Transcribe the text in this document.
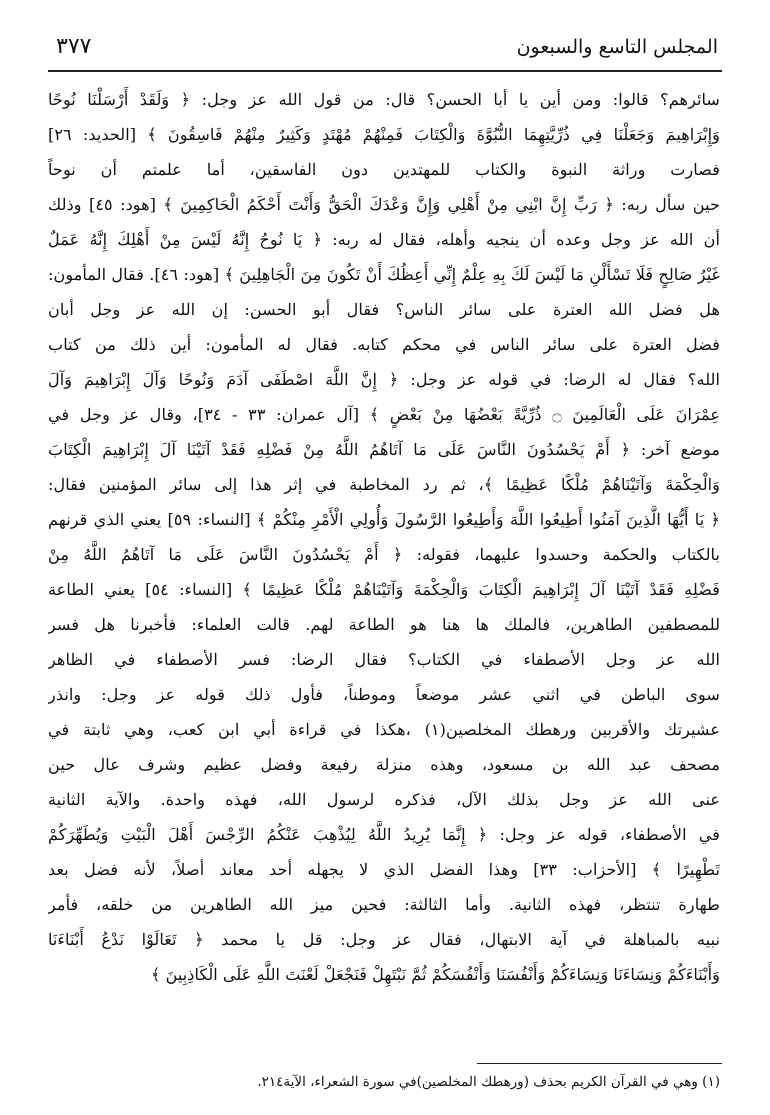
٣٧٧	المجلس التاسع والسبعون
سائرهم؟ قالوا: ومن أين يا أبا الحسن؟ قال: من قول الله عز وجل: ﴿ وَلَقَدْ أَرْسَلْنَا نُوحًا
وَإِبْرَاهِيمَ وَجَعَلْنَا فِي ذُرِّيَّتِهِمَا النُّبُوَّةَ وَالْكِتَابَ فَمِنْهُمْ مُهْتَدٍ وَكَثِيرٌ مِنْهُمْ فَاسِقُونَ ﴾ [الحديد: ٢٦]
فصارت وراثة النبوة والكتاب للمهتدين دون الفاسقين، أما علمتم أن نوحاً
حين سأل ربه: ﴿ رَبِّ إِنَّ ابْنِي مِنْ أَهْلِي وَإِنَّ وَعْدَكَ الْحَقُّ وَأَنْتَ أَحْكَمُ الْحَاكِمِينَ ﴾ [هود: ٤٥] وذلك
أن الله عز وجل وعده أن ينجيه وأهله، فقال له ربه: ﴿ يَا نُوحُ إِنَّهُ لَيْسَ مِنْ أَهْلِكَ إِنَّهُ عَمَلٌ
غَيْرُ صَالِحٍ فَلَا تَسْأَلْنِ مَا لَيْسَ لَكَ بِهِ عِلْمٌ إِنِّي أَعِظُكَ أَنْ تَكُونَ مِنَ الْجَاهِلِينَ ﴾ [هود: ٤٦]. فقال المأمون:
هل فضل الله العترة على سائر الناس؟ فقال أبو الحسن: إن الله عز وجل أبان
فضل العترة على سائر الناس في محكم كتابه. فقال له المأمون: أين ذلك من كتاب
الله؟ فقال له الرضا: في قوله عز وجل: ﴿ إِنَّ اللَّهَ اصْطَفَى آدَمَ وَنُوحًا وَآلَ إِبْرَاهِيمَ وَآلَ
عِمْرَانَ عَلَى الْعَالَمِينَ ۝ ذُرِّيَّةً بَعْضُهَا مِنْ بَعْضٍ ﴾ [آل عمران: ٣٣ - ٣٤]، وقال عز وجل في
موضع آخر: ﴿ أَمْ يَحْسُدُونَ النَّاسَ عَلَى مَا آتَاهُمُ اللَّهُ مِنْ فَضْلِهِ فَقَدْ آتَيْنَا آلَ إِبْرَاهِيمَ الْكِتَابَ
وَالْحِكْمَةَ وَآتَيْنَاهُمْ مُلْكًا عَظِيمًا ﴾، ثم رد المخاطبة في إثر هذا إلى سائر المؤمنين فقال:
﴿ يَا أَيُّهَا الَّذِينَ آمَنُوا أَطِيعُوا اللَّهَ وَأَطِيعُوا الرَّسُولَ وَأُولِي الْأَمْرِ مِنْكُمْ ﴾ [النساء: ٥٩] يعني الذي قرنهم
بالكتاب والحكمة وحسدوا عليهما، فقوله: ﴿ أَمْ يَحْسُدُونَ النَّاسَ عَلَى مَا آتَاهُمُ اللَّهُ مِنْ
فَضْلِهِ فَقَدْ آتَيْنَا آلَ إِبْرَاهِيمَ الْكِتَابَ وَالْحِكْمَةَ وَآتَيْنَاهُمْ مُلْكًا عَظِيمًا ﴾ [النساء: ٥٤] يعني الطاعة
للمصطفين الطاهرين، فالملك ها هنا هو الطاعة لهم. قالت العلماء: فأخبرنا هل فسر
الله عز وجل الأصطفاء في الكتاب؟ فقال الرضا: فسر الأصطفاء في الظاهر
سوى الباطن في اثني عشر موضعاً وموطناً، فأول ذلك قوله عز وجل: وانذر
عشيرتك والأقربين ورهطك المخلصين(١) ،هكذا في قراءة أبي ابن كعب، وهي ثابتة في
مصحف عبد الله بن مسعود، وهذه منزلة رفيعة وفضل عظيم وشرف عال حين
عنى الله عز وجل بذلك الآل، فذكره لرسول الله، فهذه واحدة. والآية الثانية
في الأصطفاء، قوله عز وجل: ﴿ إِنَّمَا يُرِيدُ اللَّهُ لِيُذْهِبَ عَنْكُمُ الرِّجْسَ أَهْلَ الْبَيْتِ وَيُطَهِّرَكُمْ
تَطْهِيرًا ﴾ [الأحزاب: ٣٣] وهذا الفضل الذي لا يجهله أحد معاند أصلاً، لأنه فضل بعد
طهارة تنتظر، فهذه الثانية. وأما الثالثة: فحين ميز الله الطاهرين من خلقه، فأمر
نبيه بالمباهلة في آية الابتهال، فقال عز وجل: قل يا محمد ﴿ تَعَالَوْا نَدْعُ أَبْنَاءَنَا
وَأَبْنَاءَكُمْ وَنِسَاءَنَا وَنِسَاءَكُمْ وَأَنْفُسَنَا وَأَنْفُسَكُمْ ثُمَّ نَبْتَهِلْ فَنَجْعَلْ لَعْنَتَ اللَّهِ عَلَى الْكَاذِبِينَ ﴾
(١) وهي في القرآن الكريم بحذف (ورهطك المخلصين)في سورة الشعراء، الآية٢١٤.
